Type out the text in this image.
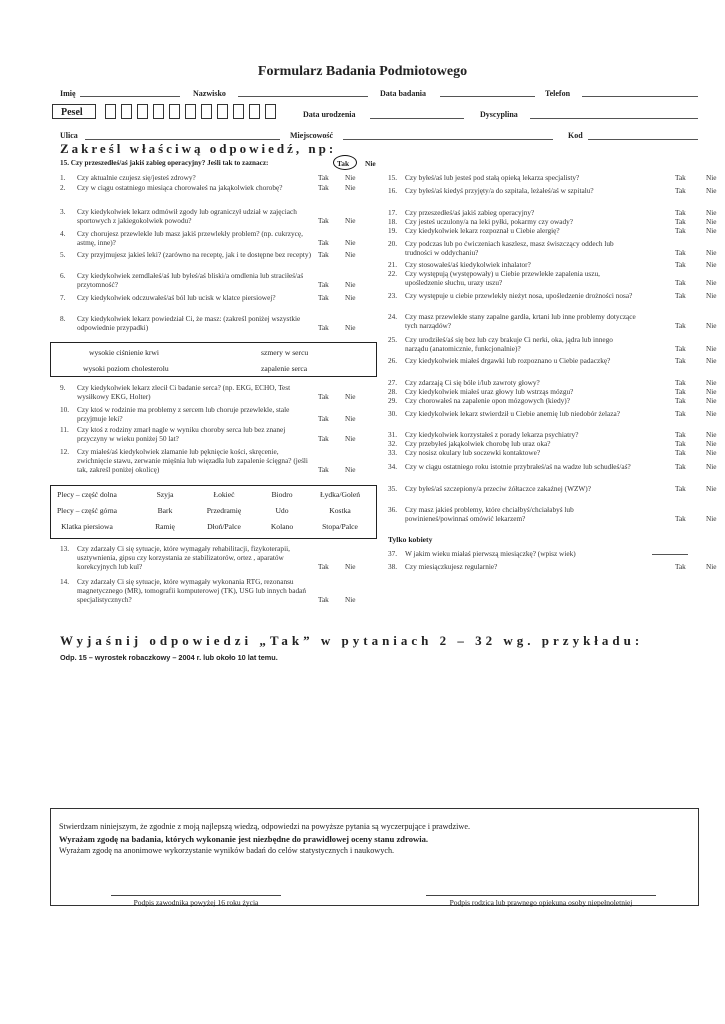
Formularz Badania Podmiotowego
Imię	Nazwisko	Data badania	Telefon
Pesel	Data urodzenia	Dyscyplina
Ulica	Miejscowość	Kod
Zakreśl właściwą odpowiedź, np:
15. Czy przeszedłeś/aś jakiś zabieg operacyjny? Jeśli tak to zaznacz:	Tak Nie
1. Czy aktualnie czujesz się/jesteś zdrowy?	Tak Nie
2. Czy w ciągu ostatniego miesiąca chorowałeś na jakąkolwiek chorobę?	Tak Nie
3. Czy kiedykolwiek lekarz odmówił zgody lub ograniczył udział w zajęciach sportowych z jakiegokolwiek powodu?	Tak Nie
4. Czy chorujesz przewlekle lub masz jakiś przewlekły problem? (np. cukrzycę, astmę, inne)?	Tak Nie
5. Czy przyjmujesz jakieś leki? (zarówno na receptę, jak i te dostępne bez recepty) Tak Nie
6. Czy kiedykolwiek zemdlałeś/aś lub byłeś/aś bliski/a omdlenia lub straciłeś/aś przytomność?	Tak Nie
7. Czy kiedykolwiek odczuwałeś/aś ból lub ucisk w klatce piersiowej?	Tak Nie
8. Czy kiedykolwiek lekarz powiedział Ci, że masz: (zakreśl poniżej wszystkie odpowiednie przypadki)	Tak Nie
wysokie ciśnienie krwi	szmery w sercu
wysoki poziom cholesterolu	zapalenie serca
9. Czy kiedykolwiek lekarz zlecił Ci badanie serca? (np. EKG, ECHO, Test wysiłkowy EKG, Holter)	Tak Nie
10. Czy ktoś w rodzinie ma problemy z sercem lub choruje przewlekle, stale przyjmuje leki?	Tak Nie
11. Czy ktoś z rodziny zmarł nagle w wyniku choroby serca lub bez znanej przyczyny w wieku poniżej 50 lat?	Tak Nie
12. Czy miałeś/aś kiedykolwiek złamanie lub pęknięcie kości, skręcenie, zwichnięcie stawu, zerwanie mięśnia lub więzadła lub zapalenie ścięgna? (jeśli tak, zakreśl poniżej okolicę)	Tak Nie
Plecy – część dolna	Szyja	Łokieć	Biodro	Łydka/Goleń
Plecy – część górna	Bark	Przedramię	Udo	Kostka
Klatka piersiowa	Ramię	Dłoń/Palce	Kolano	Stopa/Palce
13. Czy zdarzały Ci się sytuacje, które wymagały rehabilitacji, fizykoterapii, usztywnienia, gipsu czy korzystania ze stabilizatorów, ortez , aparatów korekcyjnych lub kul?	Tak Nie
14. Czy zdarzały Ci się sytuacje, które wymagały wykonania RTG, rezonansu magnetycznego (MR), tomografii komputerowej (TK), USG lub innych badań specjalistycznych?	Tak Nie
15. Czy byłeś/aś lub jesteś pod stałą opieką lekarza specjalisty?	Tak	Nie
16. Czy byłeś/aś kiedyś przyjęty/a do szpitala, leżałeś/aś w szpitalu?	Tak	Nie
17. Czy przeszedłeś/aś jakiś zabieg operacyjny?	Tak	Nie
18. Czy jesteś uczulony/a na leki pyłki, pokarmy czy owady?	Tak	Nie
19. Czy kiedykolwiek lekarz rozpoznał u Ciebie alergię?	Tak	Nie
20. Czy podczas lub po ćwiczeniach kaszlesz, masz świszczący oddech lub trudności w oddychaniu?	Tak	Nie
21. Czy stosowałeś/aś kiedykolwiek inhalator?	Tak	Nie
22. Czy występują (występowały) u Ciebie przewlekłe zapalenia uszu, upośledzenie słuchu, urazy uszu?	Tak	Nie
23. Czy występuje u ciebie przewlekły nieżyt nosa, upośledzenie drożności nosa?	Tak	Nie
24. Czy masz przewlekłe stany zapalne gardła, krtani lub inne problemy dotyczące tych narządów?	Tak	Nie
25. Czy urodziłeś/aś się bez lub czy brakuje Ci nerki, oka, jądra lub innego narządu (anatomicznie, funkcjonalnie)?	Tak	Nie
26. Czy kiedykolwiek miałeś drgawki lub rozpoznano u Ciebie padaczkę?	Tak	Nie
27. Czy zdarzają Ci się bóle i/lub zawroty głowy?	Tak	Nie
28. Czy kiedykolwiek miałeś uraz głowy lub wstrząs mózgu?	Tak	Nie
29. Czy chorowałeś na zapalenie opon mózgowych (kiedy)?	Tak	Nie
30. Czy kiedykolwiek lekarz stwierdził u Ciebie anemię lub niedobór żelaza?	Tak	Nie
31. Czy kiedykolwiek korzystałeś z porady lekarza psychiatry?	Tak	Nie
32. Czy przebyłeś jakąkolwiek chorobę lub uraz oka?	Tak	Nie
33. Czy nosisz okulary lub soczewki kontaktowe?	Tak	Nie
34. Czy w ciągu ostatniego roku istotnie przybrałeś/aś na wadze lub schudłeś/aś?	Tak	Nie
35. Czy byłeś/aś szczepiony/a przeciw żółtaczce zakaźnej (WZW)?	Tak	Nie
36. Czy masz jakieś problemy, które chciałbyś/chciałabyś lub powinieneś/powinnaś omówić lekarzem?	Tak	Nie
Tylko kobiety
37. W jakim wieku miałaś pierwszą miesiączkę? (wpisz wiek)
38. Czy miesiączkujesz regularnie?	Tak	Nie
Wyjaśnij odpowiedzi „Tak” w pytaniach 2 – 32 wg. przykładu:
Odp. 15 – wyrostek robaczkowy – 2004 r. lub około 10 lat temu.

Stwierdzam niniejszym, że zgodnie z moją najlepszą wiedzą, odpowiedzi na powyższe pytania są wyczerpujące i prawdziwe.

Wyrażam zgodę na badania, których wykonanie jest niezbędne do prawidłowej oceny stanu zdrowia.

Wyrażam zgodę na anonimowe wykorzystanie wyników badań do celów statystycznych i naukowych.

Podpis zawodnika powyżej 16 roku życia	Podpis rodzica lub prawnego opiekuna osoby niepełnoletniej
